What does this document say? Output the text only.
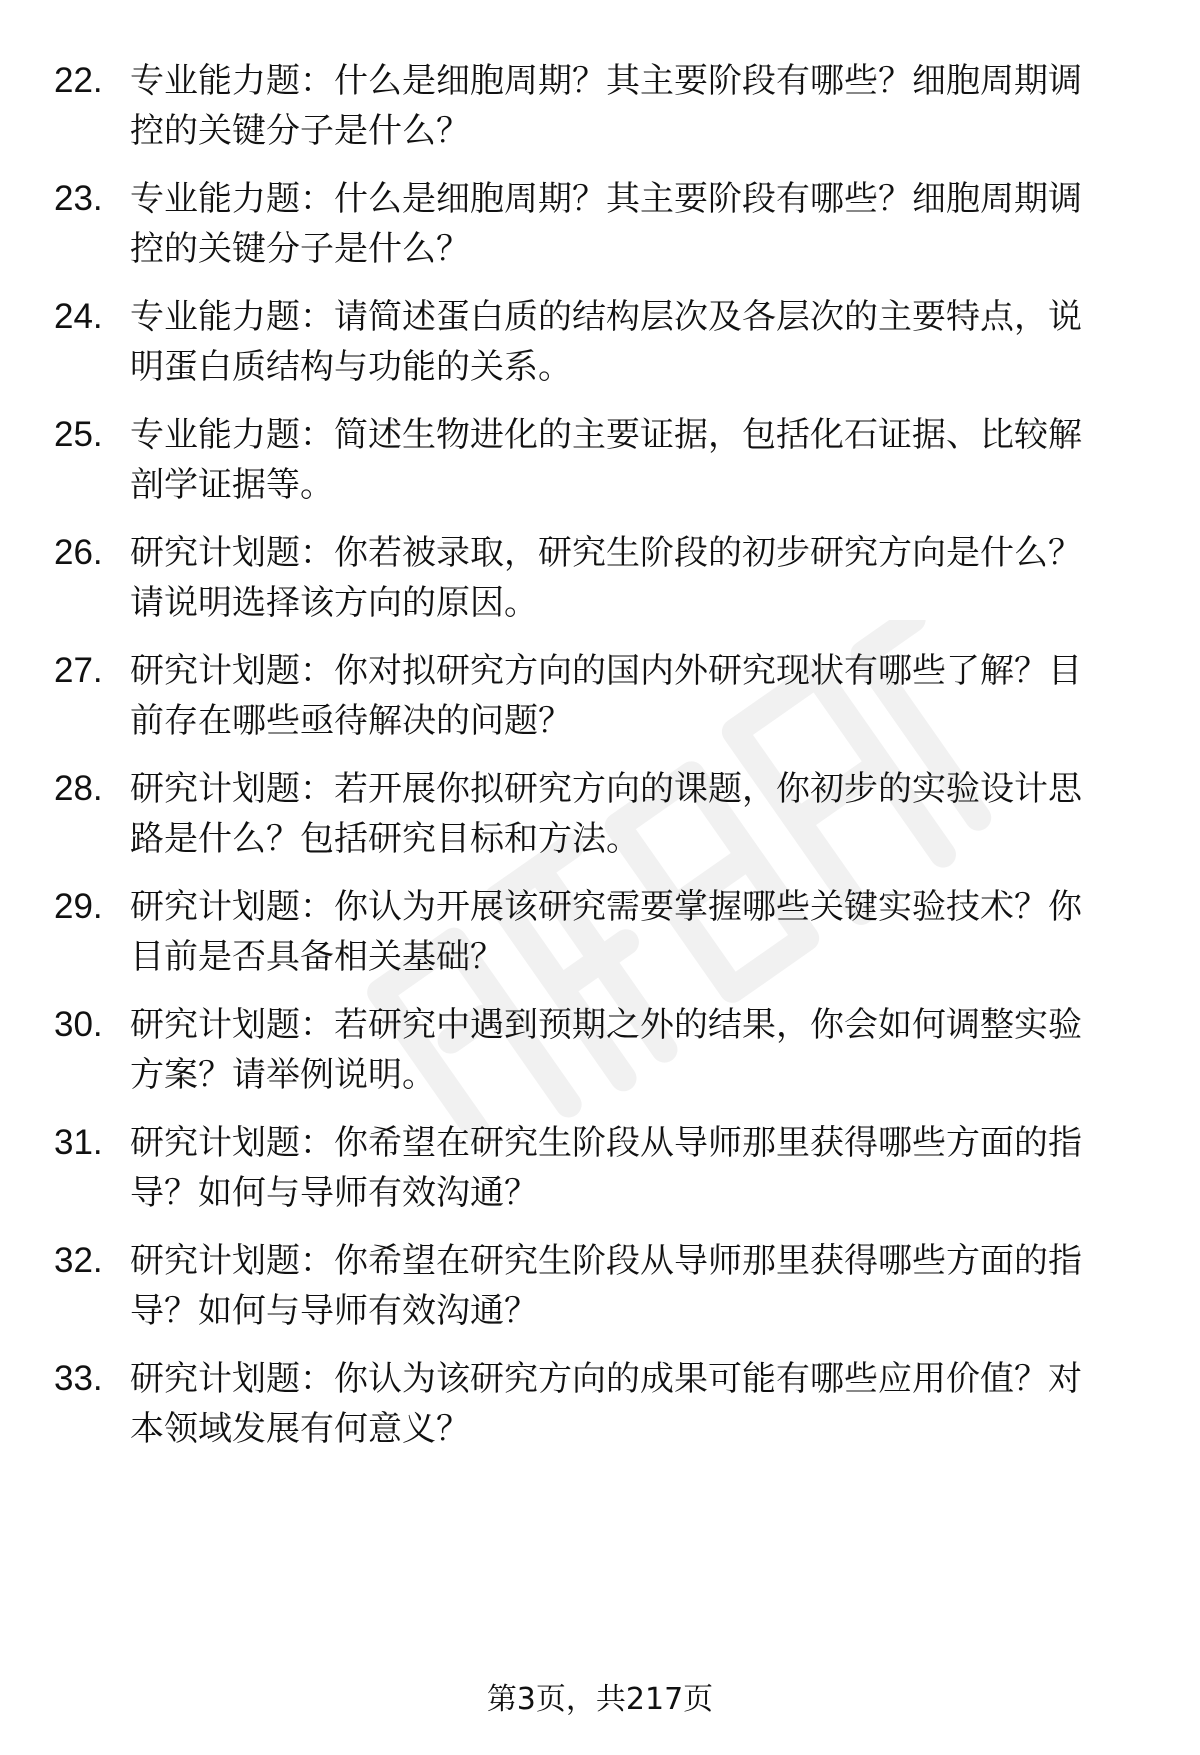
22. 专业能力题：什么是细胞周期？其主要阶段有哪些？细胞周期调
控的关键分子是什么？
23. 专业能力题：什么是细胞周期？其主要阶段有哪些？细胞周期调
控的关键分子是什么？
24. 专业能力题：请简述蛋白质的结构层次及各层次的主要特点，说
明蛋白质结构与功能的关系。
25. 专业能力题：简述生物进化的主要证据，包括化石证据、比较解
剖学证据等。
26. 研究计划题：你若被录取，研究生阶段的初步研究方向是什么？
请说明选择该方向的原因。
27. 研究计划题：你对拟研究方向的国内外研究现状有哪些了解？目
前存在哪些亟待解决的问题？
28. 研究计划题：若开展你拟研究方向的课题，你初步的实验设计思
路是什么？包括研究目标和方法。
29. 研究计划题：你认为开展该研究需要掌握哪些关键实验技术？你
目前是否具备相关基础？
30. 研究计划题：若研究中遇到预期之外的结果，你会如何调整实验
方案？请举例说明。
31. 研究计划题：你希望在研究生阶段从导师那里获得哪些方面的指
导？如何与导师有效沟通？
32. 研究计划题：你希望在研究生阶段从导师那里获得哪些方面的指
导？如何与导师有效沟通？
33. 研究计划题：你认为该研究方向的成果可能有哪些应用价值？对
本领域发展有何意义？
第3页，共217页
